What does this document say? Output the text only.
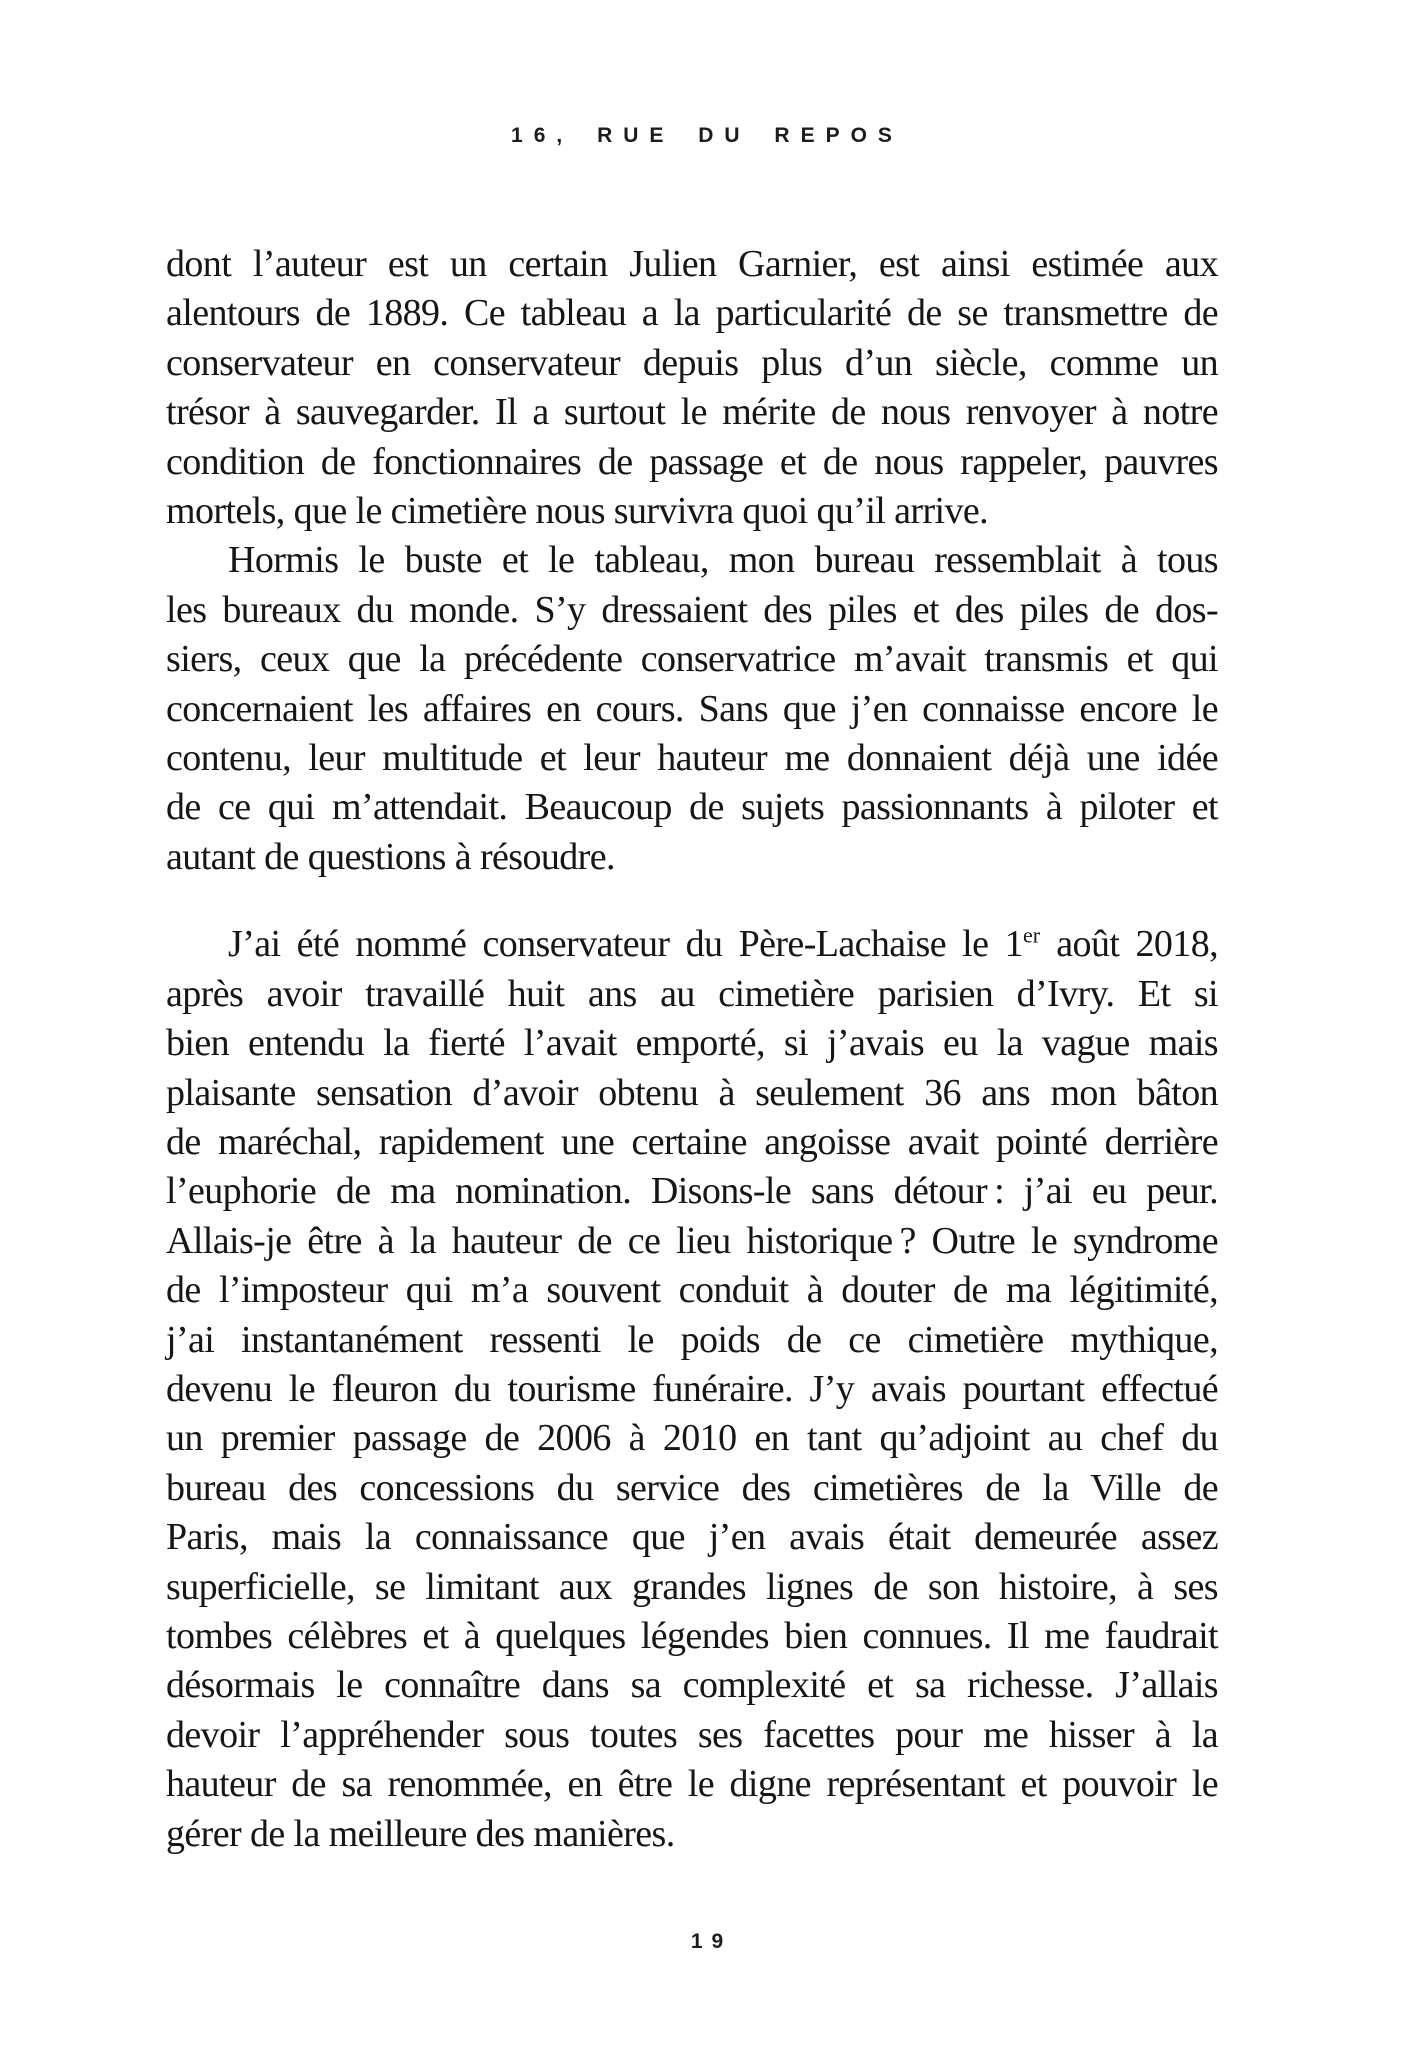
16, RUE DU REPOS
dont l’auteur est un certain Julien Garnier, est ainsi estimée aux
alentours de 1889. Ce tableau a la particularité de se transmettre de
conservateur en conservateur depuis plus d’un siècle, comme un
trésor à sauvegarder. Il a surtout le mérite de nous renvoyer à notre
condition de fonctionnaires de passage et de nous rappeler, pauvres
mortels, que le cimetière nous survivra quoi qu’il arrive.
Hormis le buste et le tableau, mon bureau ressemblait à tous
les bureaux du monde. S’y dressaient des piles et des piles de dos-
siers, ceux que la précédente conservatrice m’avait transmis et qui
concernaient les affaires en cours. Sans que j’en connaisse encore le
contenu, leur multitude et leur hauteur me donnaient déjà une idée
de ce qui m’attendait. Beaucoup de sujets passionnants à piloter et
autant de questions à résoudre.
J’ai été nommé conservateur du Père-Lachaise le 1er août 2018,
après avoir travaillé huit ans au cimetière parisien d’Ivry. Et si
bien entendu la fierté l’avait emporté, si j’avais eu la vague mais
plaisante sensation d’avoir obtenu à seulement 36 ans mon bâton
de maréchal, rapidement une certaine angoisse avait pointé derrière
l’euphorie de ma nomination. Disons-le sans détour : j’ai eu peur.
Allais-je être à la hauteur de ce lieu historique ? Outre le syndrome
de l’imposteur qui m’a souvent conduit à douter de ma légitimité,
j’ai instantanément ressenti le poids de ce cimetière mythique,
devenu le fleuron du tourisme funéraire. J’y avais pourtant effectué
un premier passage de 2006 à 2010 en tant qu’adjoint au chef du
bureau des concessions du service des cimetières de la Ville de
Paris, mais la connaissance que j’en avais était demeurée assez
superficielle, se limitant aux grandes lignes de son histoire, à ses
tombes célèbres et à quelques légendes bien connues. Il me faudrait
désormais le connaître dans sa complexité et sa richesse. J’allais
devoir l’appréhender sous toutes ses facettes pour me hisser à la
hauteur de sa renommée, en être le digne représentant et pouvoir le
gérer de la meilleure des manières.
19
